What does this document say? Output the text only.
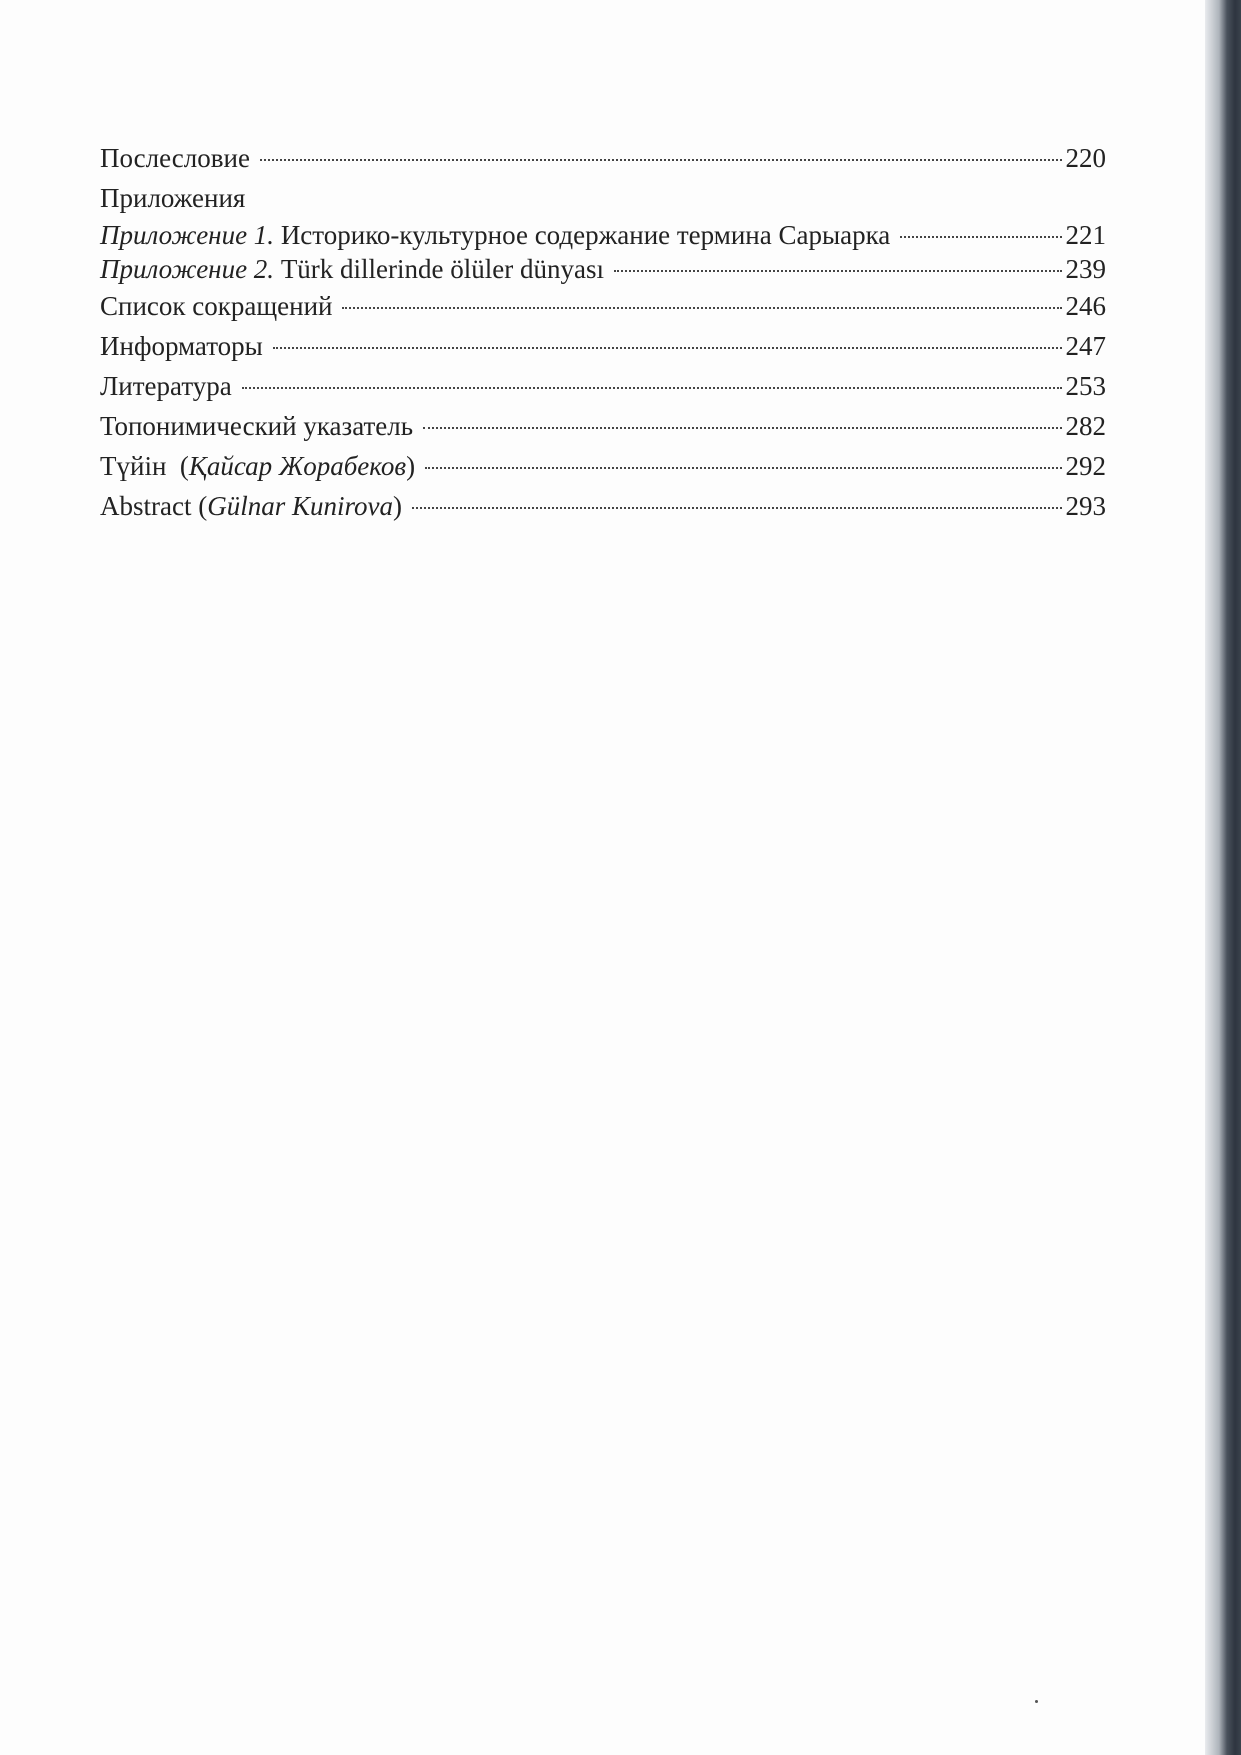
Послесловие	220
Приложения
Приложение 1. Историко-культурное содержание термина Сарыарка	221
Приложение 2. Türk dillerinde ölüler dünyası	239
Список сокращений	246
Информаторы	247
Литература	253
Топонимический указатель	282
Түйін  (Қайсар Жорабеков)	292
Abstract (Gülnar Kunirova)	293
